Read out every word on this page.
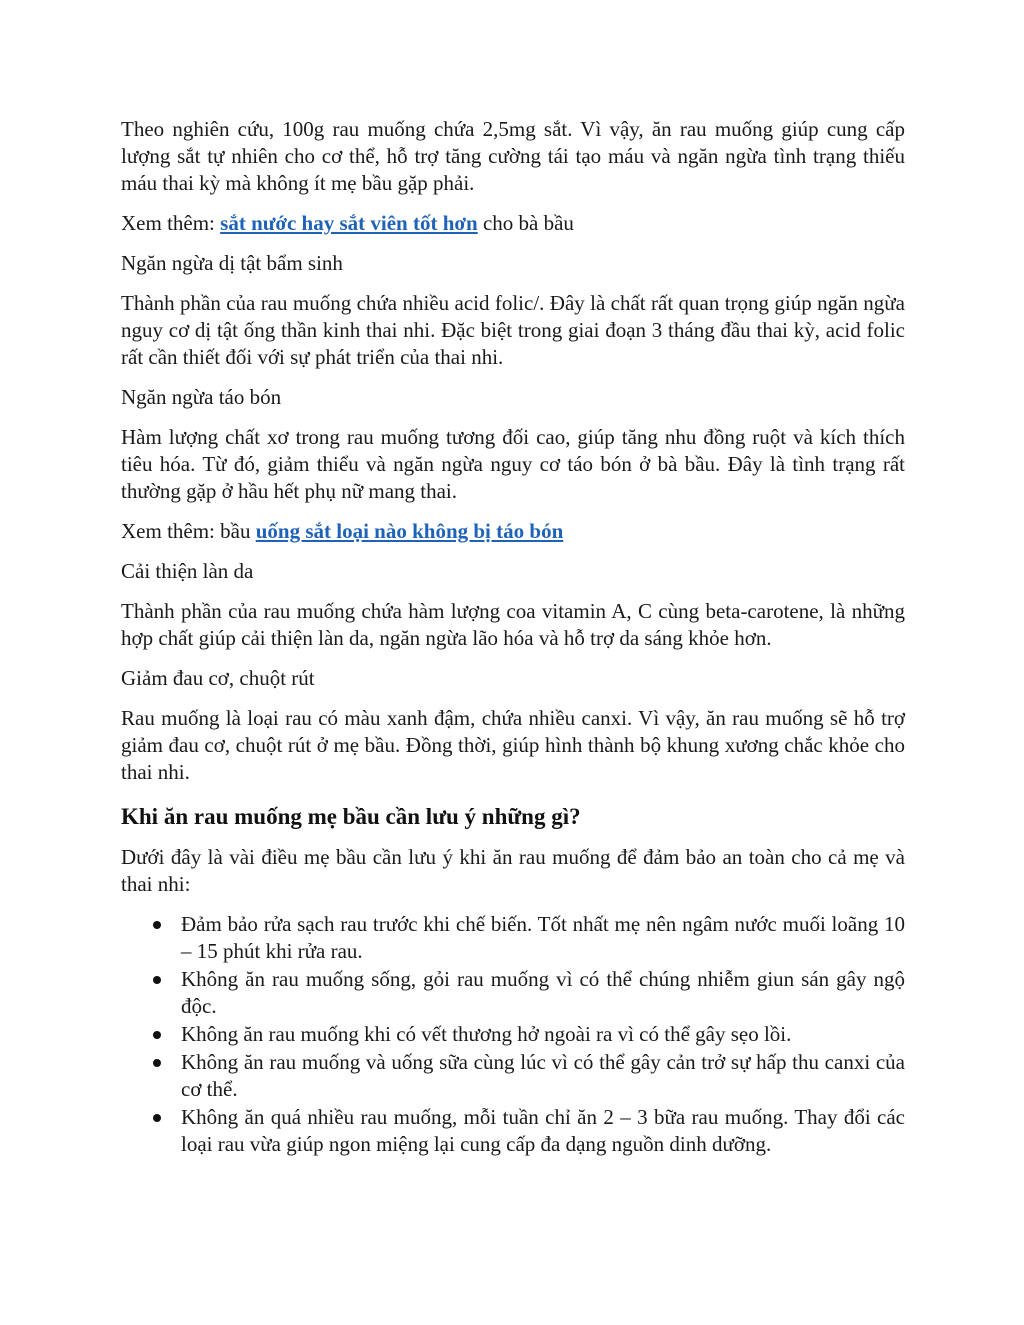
Theo nghiên cứu, 100g rau muống chứa 2,5mg sắt. Vì vậy, ăn rau muống giúp cung cấp lượng sắt tự nhiên cho cơ thể, hỗ trợ tăng cường tái tạo máu và ngăn ngừa tình trạng thiếu máu thai kỳ mà không ít mẹ bầu gặp phải.

Xem thêm: sắt nước hay sắt viên tốt hơn cho bà bầu

Ngăn ngừa dị tật bẩm sinh

Thành phần của rau muống chứa nhiều acid folic/. Đây là chất rất quan trọng giúp ngăn ngừa nguy cơ dị tật ống thần kinh thai nhi. Đặc biệt trong giai đoạn 3 tháng đầu thai kỳ, acid folic rất cần thiết đối với sự phát triển của thai nhi.

Ngăn ngừa táo bón

Hàm lượng chất xơ trong rau muống tương đối cao, giúp tăng nhu đồng ruột và kích thích tiêu hóa. Từ đó, giảm thiểu và ngăn ngừa nguy cơ táo bón ở bà bầu. Đây là tình trạng rất thường gặp ở hầu hết phụ nữ mang thai.

Xem thêm: bầu uống sắt loại nào không bị táo bón

Cải thiện làn da

Thành phần của rau muống chứa hàm lượng coa vitamin A, C cùng beta-carotene, là những hợp chất giúp cải thiện làn da, ngăn ngừa lão hóa và hỗ trợ da sáng khỏe hơn.

Giảm đau cơ, chuột rút

Rau muống là loại rau có màu xanh đậm, chứa nhiều canxi. Vì vậy, ăn rau muống sẽ hỗ trợ giảm đau cơ, chuột rút ở mẹ bầu. Đồng thời, giúp hình thành bộ khung xương chắc khỏe cho thai nhi.

Khi ăn rau muống mẹ bầu cần lưu ý những gì?

Dưới đây là vài điều mẹ bầu cần lưu ý khi ăn rau muống để đảm bảo an toàn cho cả mẹ và thai nhi:

Đảm bảo rửa sạch rau trước khi chế biến. Tốt nhất mẹ nên ngâm nước muối loãng 10 – 15 phút khi rửa rau.
Không ăn rau muống sống, gỏi rau muống vì có thể chúng nhiễm giun sán gây ngộ độc.
Không ăn rau muống khi có vết thương hở ngoài ra vì có thể gây sẹo lồi.
Không ăn rau muống và uống sữa cùng lúc vì có thể gây cản trở sự hấp thu canxi của cơ thể.
Không ăn quá nhiều rau muống, mỗi tuần chỉ ăn 2 – 3 bữa rau muống. Thay đổi các loại rau vừa giúp ngon miệng lại cung cấp đa dạng nguồn dinh dưỡng.
